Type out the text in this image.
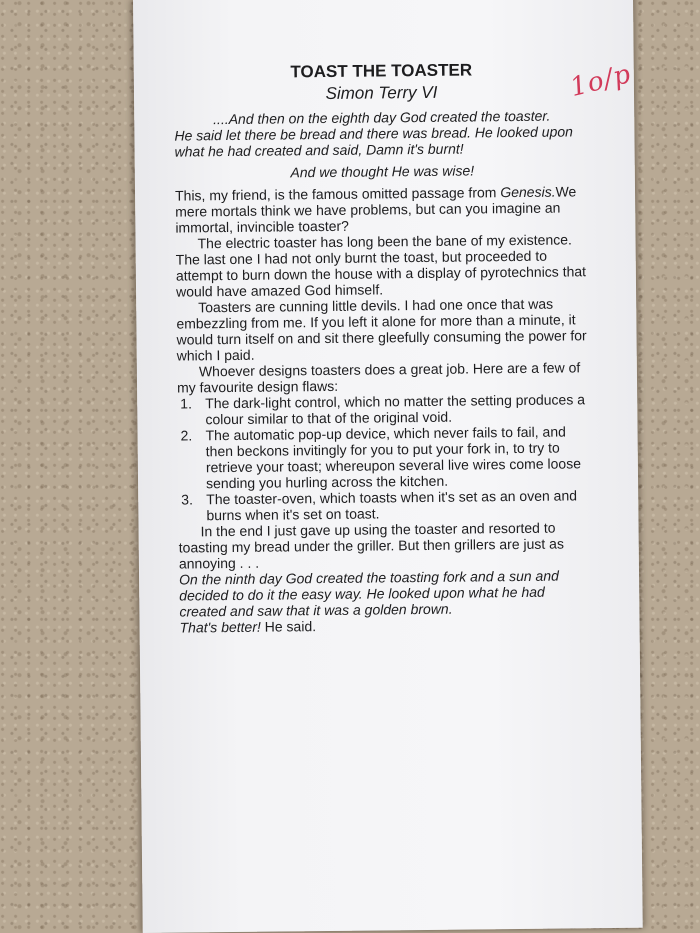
TOAST THE TOASTER

Simon Terry VI

....And then on the eighth day God created the toaster.

He said let there be bread and there was bread. He looked upon what he had created and said, Damn it's burnt!

And we thought He was wise!

This, my friend, is the famous omitted passage from Genesis.We mere mortals think we have problems, but can you imagine an immortal, invincible toaster?

The electric toaster has long been the bane of my existence. The last one I had not only burnt the toast, but proceeded to attempt to burn down the house with a display of pyrotechnics that would have amazed God himself.

Toasters are cunning little devils. I had one once that was embezzling from me. If you left it alone for more than a minute, it would turn itself on and sit there gleefully consuming the power for which I paid.

Whoever designs toasters does a great job. Here are a few of my favourite design flaws:

1. The dark-light control, which no matter the setting produces a colour similar to that of the original void.
2. The automatic pop-up device, which never fails to fail, and then beckons invitingly for you to put your fork in, to try to retrieve your toast; whereupon several live wires come loose sending you hurling across the kitchen.
3. The toaster-oven, which toasts when it's set as an oven and burns when it's set on toast.

In the end I just gave up using the toaster and resorted to toasting my bread under the griller. But then grillers are just as annoying . . .

On the ninth day God created the toasting fork and a sun and decided to do it the easy way. He looked upon what he had created and saw that it was a golden brown.

That's better! He said.

1o/p
